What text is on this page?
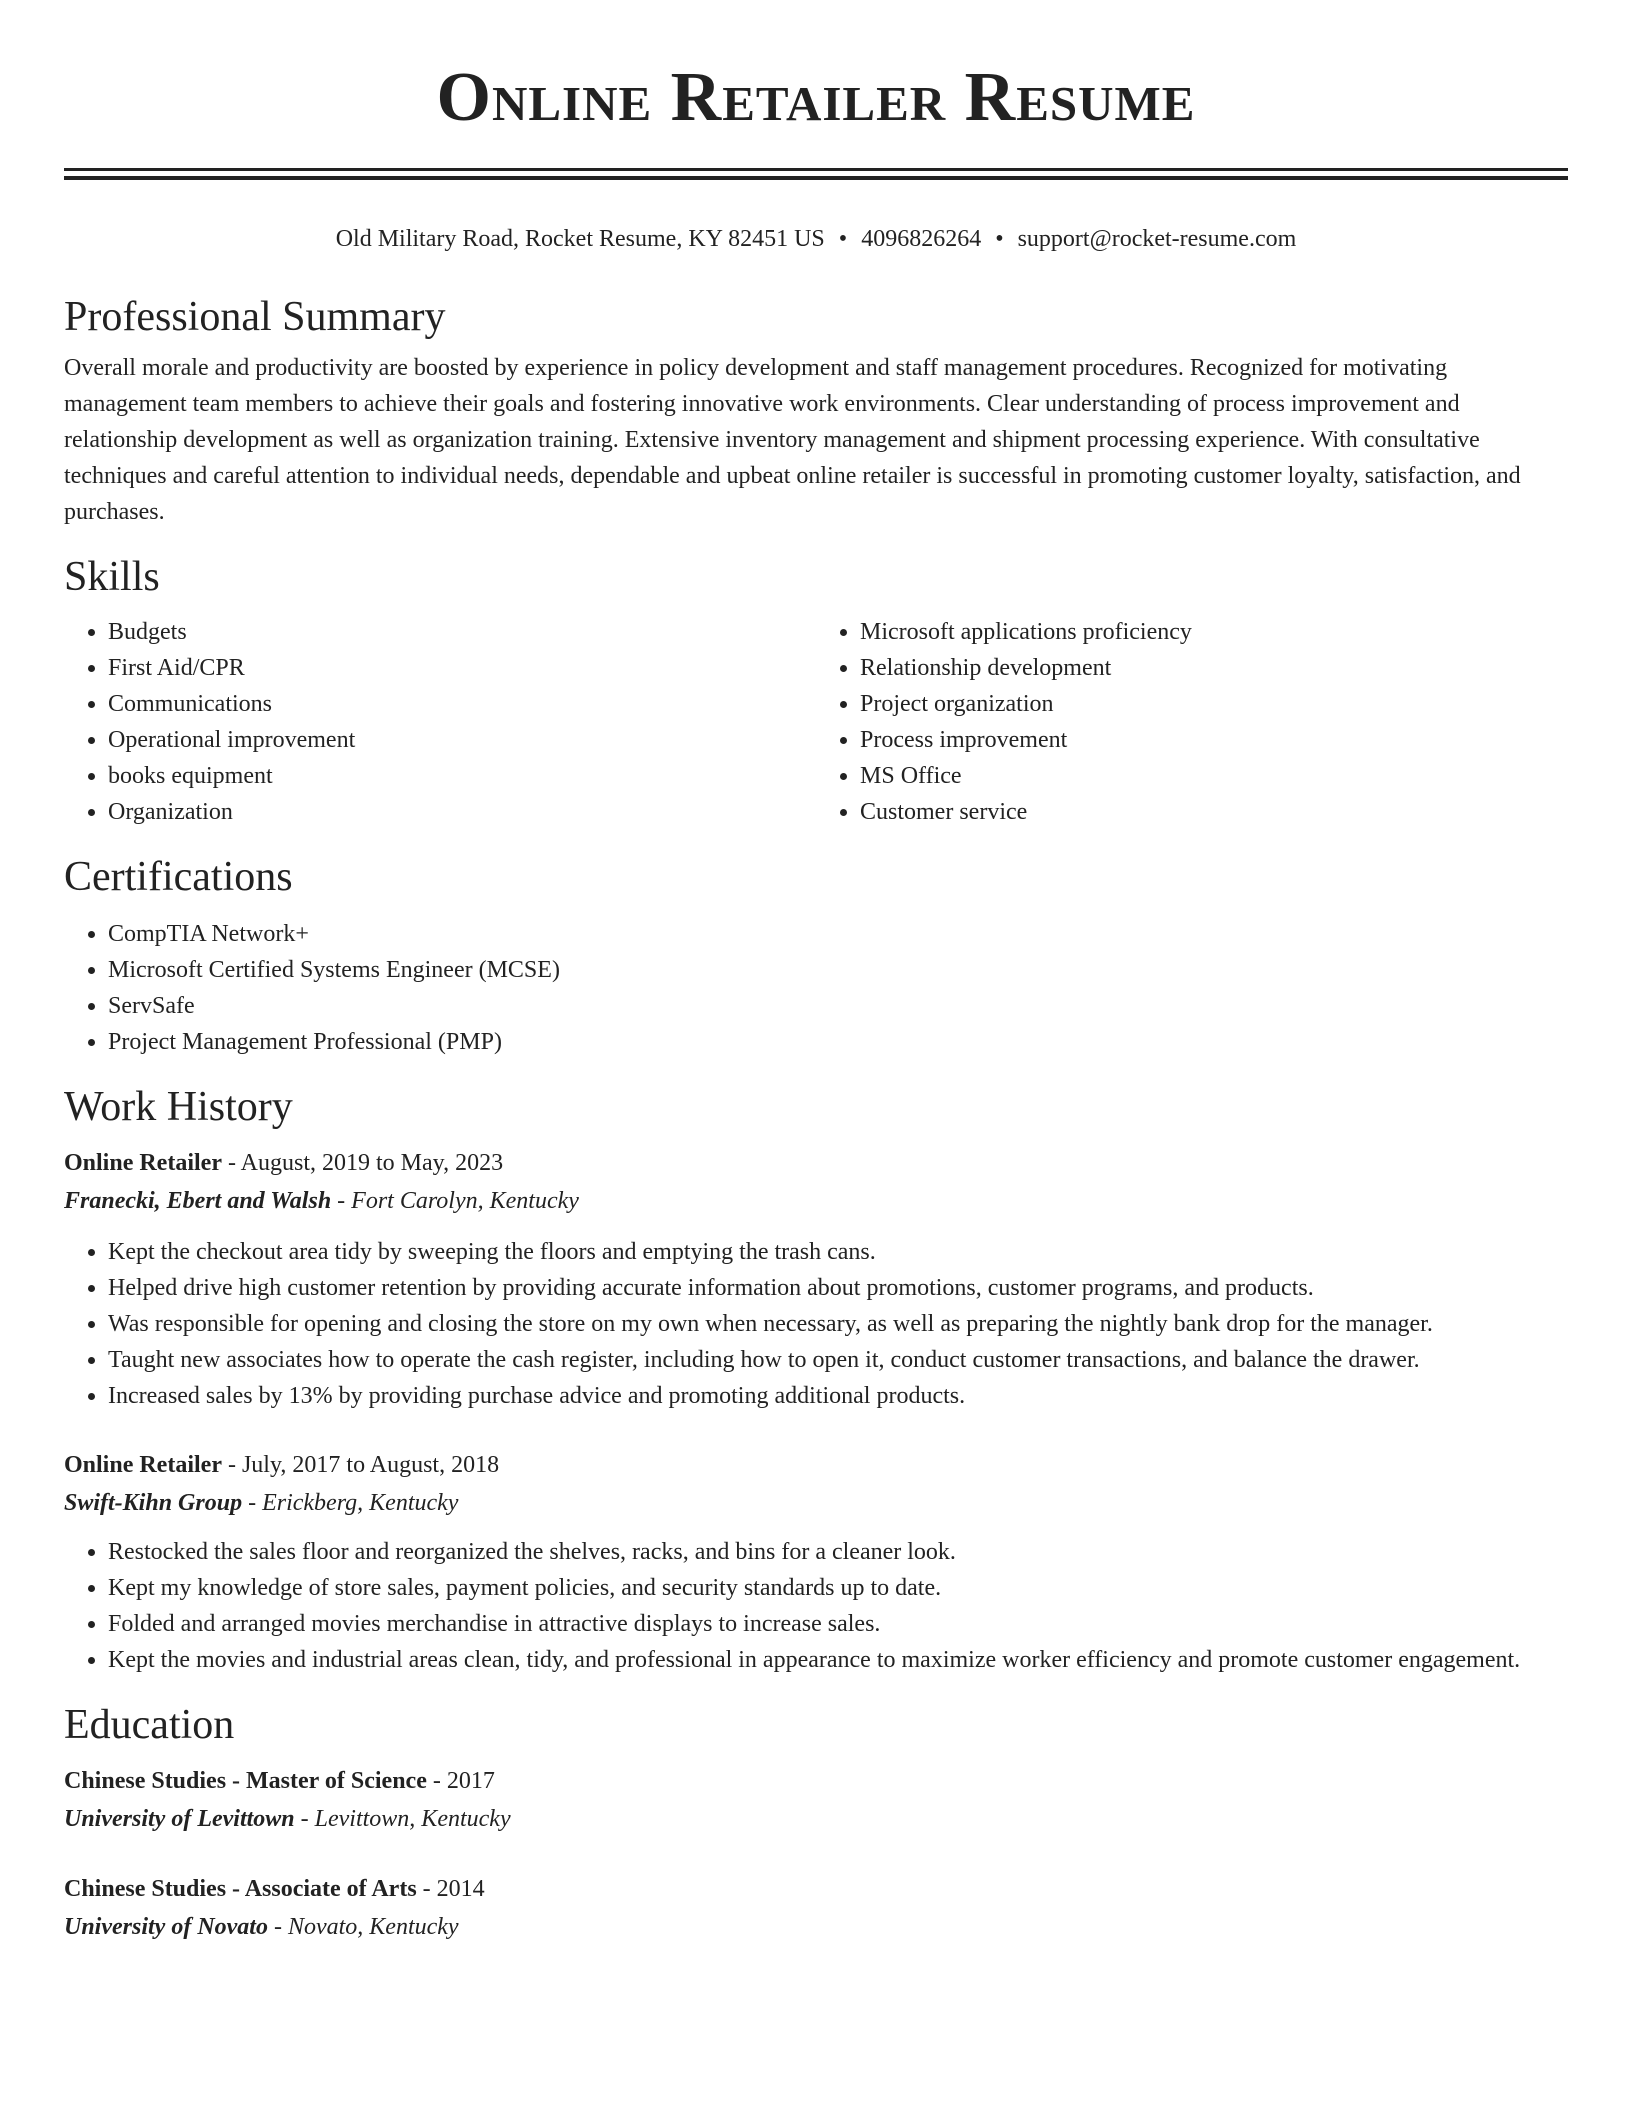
Online Retailer Resume
Old Military Road, Rocket Resume, KY 82451 US • 4096826264 • support@rocket-resume.com
Professional Summary

Overall morale and productivity are boosted by experience in policy development and staff management procedures. Recognized for motivating management team members to achieve their goals and fostering innovative work environments. Clear understanding of process improvement and relationship development as well as organization training. Extensive inventory management and shipment processing experience. With consultative techniques and careful attention to individual needs, dependable and upbeat online retailer is successful in promoting customer loyalty, satisfaction, and purchases.

Skills
• Budgets
• First Aid/CPR
• Communications
• Operational improvement
• books equipment
• Organization
• Microsoft applications proficiency
• Relationship development
• Project organization
• Process improvement
• MS Office
• Customer service
Certifications
• CompTIA Network+
• Microsoft Certified Systems Engineer (MCSE)
• ServSafe
• Project Management Professional (PMP)
Work History
Online Retailer - August, 2019 to May, 2023
Franecki, Ebert and Walsh - Fort Carolyn, Kentucky
• Kept the checkout area tidy by sweeping the floors and emptying the trash cans.
• Helped drive high customer retention by providing accurate information about promotions, customer programs, and products.
• Was responsible for opening and closing the store on my own when necessary, as well as preparing the nightly bank drop for the manager.
• Taught new associates how to operate the cash register, including how to open it, conduct customer transactions, and balance the drawer.
• Increased sales by 13% by providing purchase advice and promoting additional products.
Online Retailer - July, 2017 to August, 2018
Swift-Kihn Group - Erickberg, Kentucky
• Restocked the sales floor and reorganized the shelves, racks, and bins for a cleaner look.
• Kept my knowledge of store sales, payment policies, and security standards up to date.
• Folded and arranged movies merchandise in attractive displays to increase sales.
• Kept the movies and industrial areas clean, tidy, and professional in appearance to maximize worker efficiency and promote customer engagement.
Education
Chinese Studies - Master of Science - 2017
University of Levittown - Levittown, Kentucky
Chinese Studies - Associate of Arts - 2014
University of Novato - Novato, Kentucky
